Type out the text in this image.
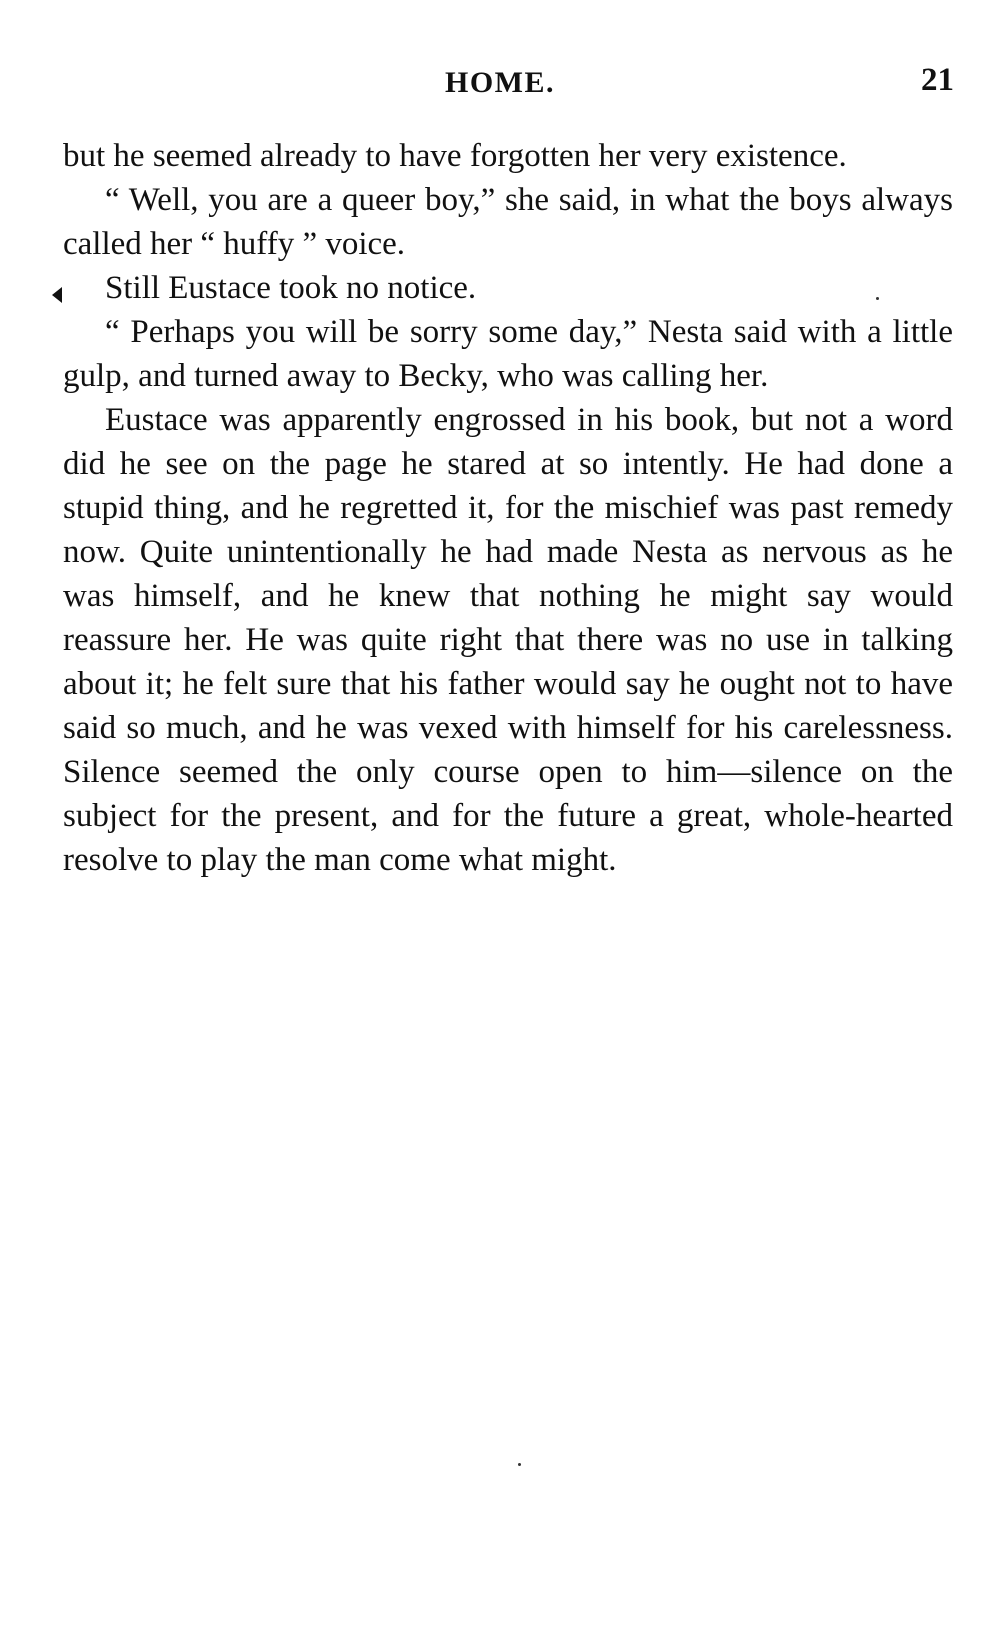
HOME.	21

but he seemed already to have forgotten her very existence.

“ Well, you are a queer boy,” she said, in what the boys always called her “ huffy ” voice.

Still Eustace took no notice.

“ Perhaps you will be sorry some day,” Nesta said with a little gulp, and turned away to Becky, who was calling her.

Eustace was apparently engrossed in his book, but not a word did he see on the page he stared at so intently. He had done a stupid thing, and he regretted it, for the mischief was past remedy now. Quite unintentionally he had made Nesta as nervous as he was himself, and he knew that nothing he might say would reassure her. He was quite right that there was no use in talking about it; he felt sure that his father would say he ought not to have said so much, and he was vexed with himself for his carelessness. Silence seemed the only course open to him—silence on the subject for the present, and for the future a great, whole-hearted resolve to play the man come what might.
